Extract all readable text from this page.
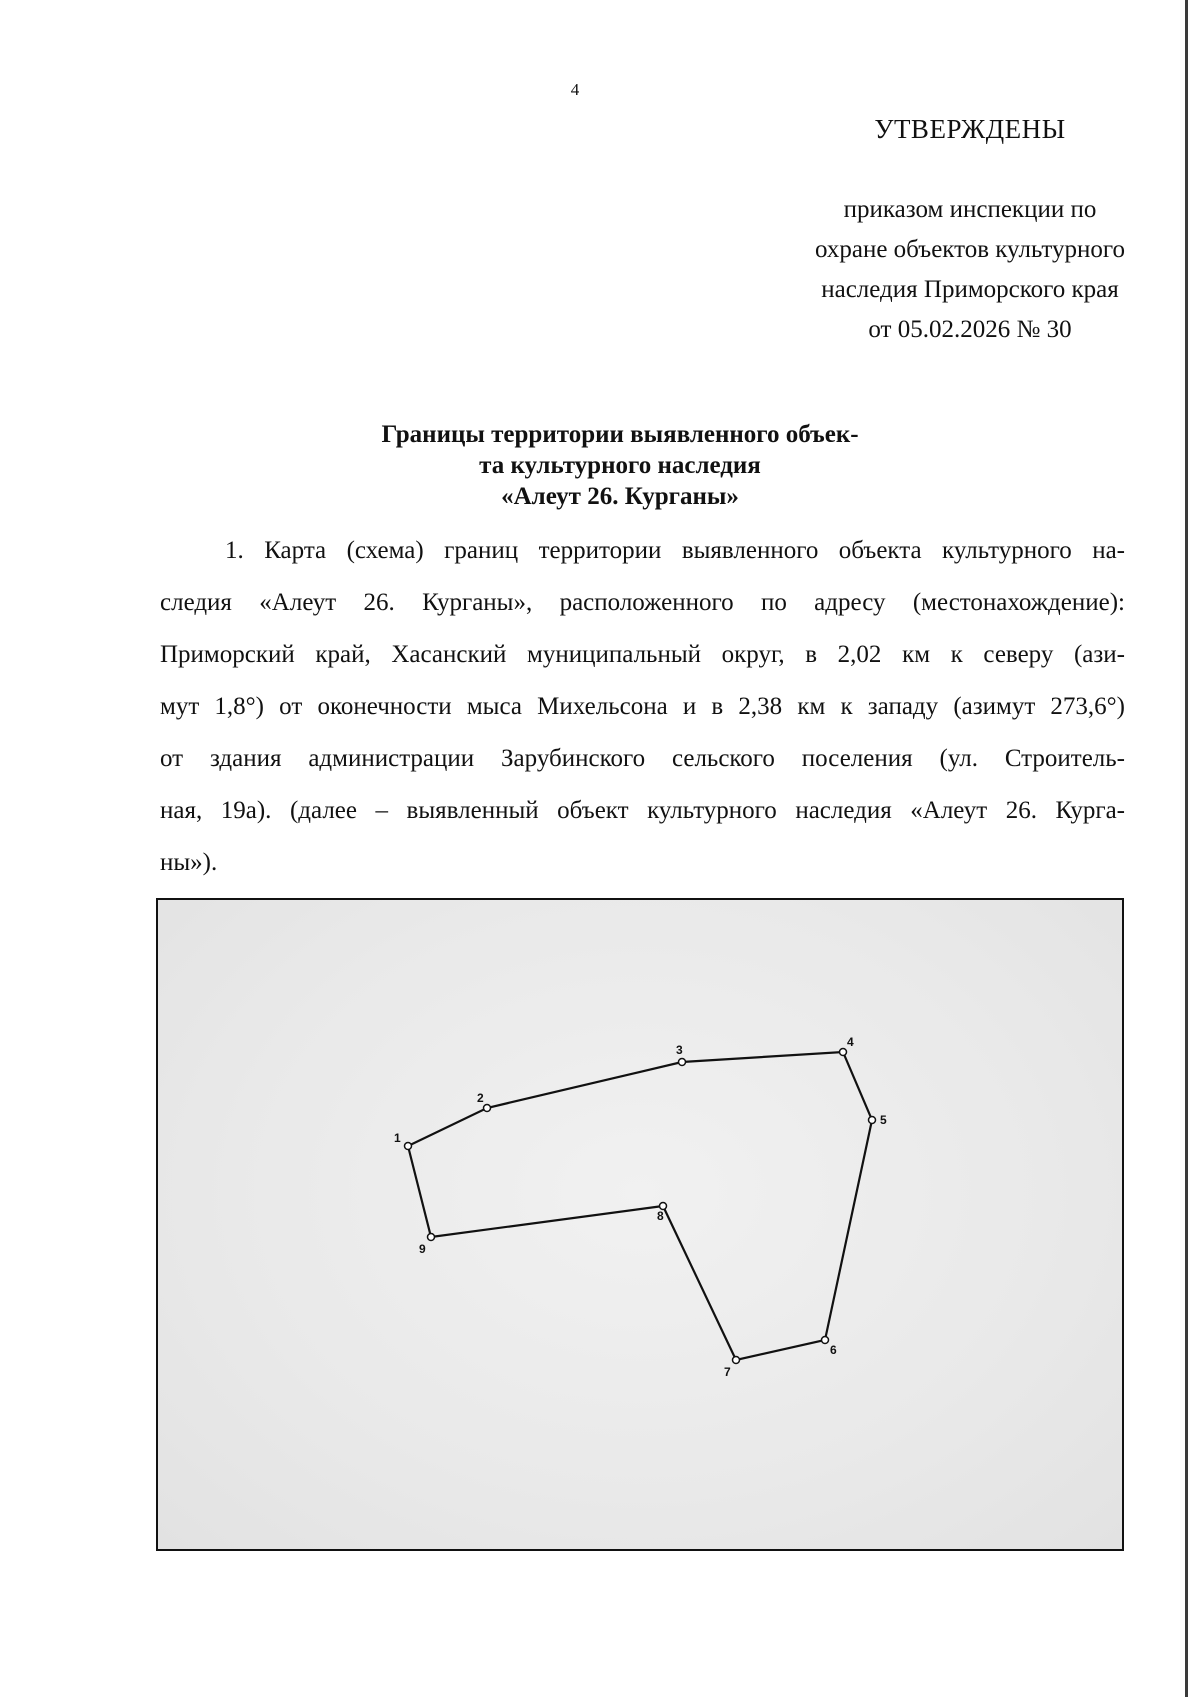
4
УТВЕРЖДЕНЫ
приказом инспекции по
охране объектов культурного
наследия Приморского края
от 05.02.2026 № 30
Границы территории выявленного объек-
та культурного наследия
«Алеут 26. Курганы»
1. Карта (схема) границ территории выявленного объекта культурного на-
следия «Алеут 26. Курганы», расположенного по адресу (местонахождение):
Приморский край, Хасанский муниципальный округ, в 2,02 км к северу (ази-
мут 1,8°) от оконечности мыса Михельсона и в 2,38 км к западу (азимут 273,6°)
от здания администрации Зарубинского сельского поселения (ул. Строитель-
ная, 19а). (далее – выявленный объект культурного наследия «Алеут 26. Курга-
ны»).
1
2
3
4
5
6
7
8
9
